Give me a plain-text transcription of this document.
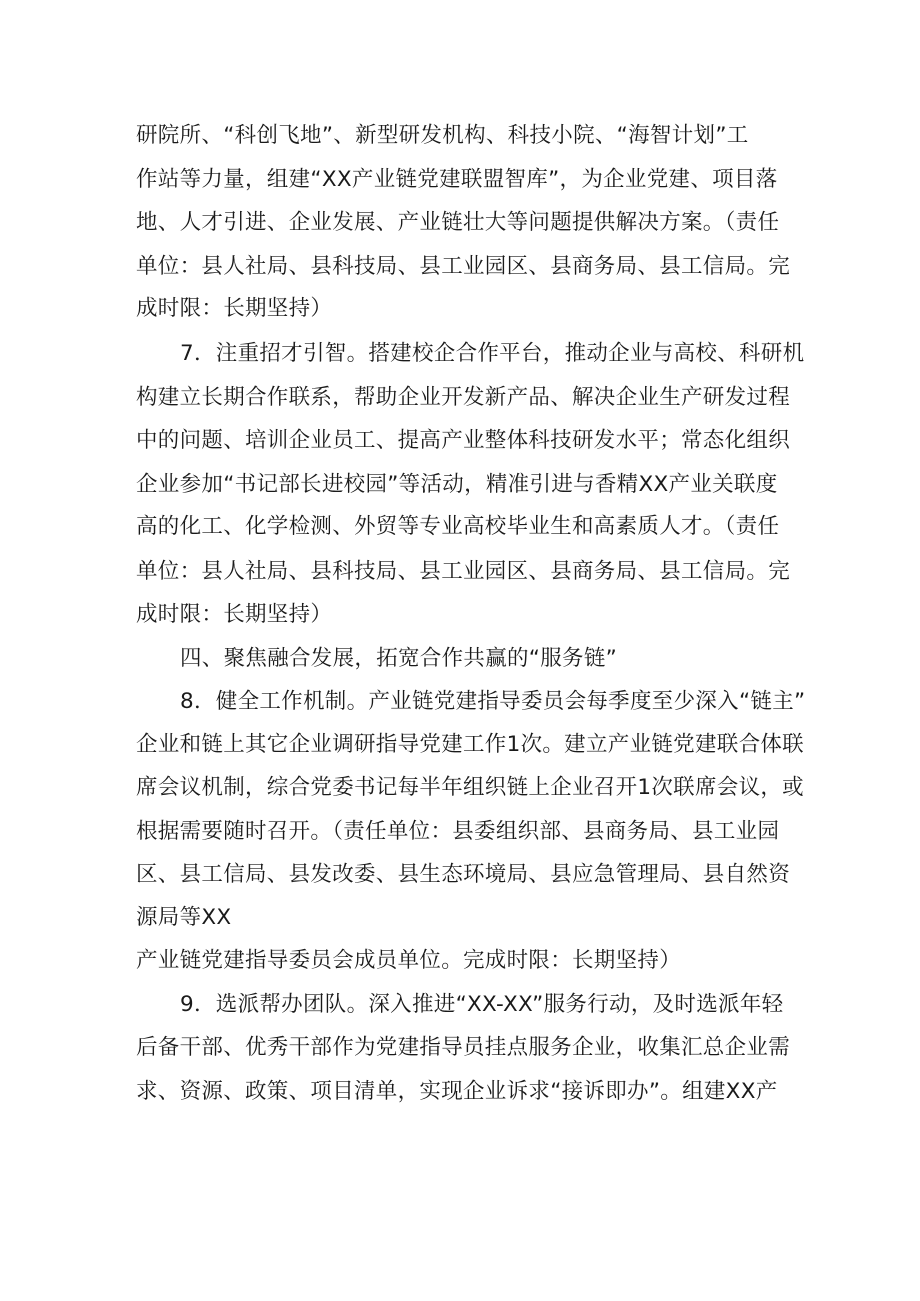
研院所、“科创飞地”、新型研发机构、科技小院、“海智计划”工
作站等力量，组建“XX产业链党建联盟智库”，为企业党建、项目落
地、人才引进、企业发展、产业链壮大等问题提供解决方案。（责任
单位：县人社局、县科技局、县工业园区、县商务局、县工信局。完
成时限：长期坚持）
7．注重招才引智。搭建校企合作平台，推动企业与高校、科研机
构建立长期合作联系，帮助企业开发新产品、解决企业生产研发过程
中的问题、培训企业员工、提高产业整体科技研发水平；常态化组织
企业参加“书记部长进校园”等活动，精准引进与香精XX产业关联度
高的化工、化学检测、外贸等专业高校毕业生和高素质人才。（责任
单位：县人社局、县科技局、县工业园区、县商务局、县工信局。完
成时限：长期坚持）
四、聚焦融合发展，拓宽合作共赢的“服务链”
8．健全工作机制。产业链党建指导委员会每季度至少深入“链主”
企业和链上其它企业调研指导党建工作1次。建立产业链党建联合体联
席会议机制，综合党委书记每半年组织链上企业召开1次联席会议，或
根据需要随时召开。（责任单位：县委组织部、县商务局、县工业园
区、县工信局、县发改委、县生态环境局、县应急管理局、县自然资
源局等XX
产业链党建指导委员会成员单位。完成时限：长期坚持）
9．选派帮办团队。深入推进“XX-XX”服务行动，及时选派年轻
后备干部、优秀干部作为党建指导员挂点服务企业，收集汇总企业需
求、资源、政策、项目清单，实现企业诉求“接诉即办”。组建XX产
